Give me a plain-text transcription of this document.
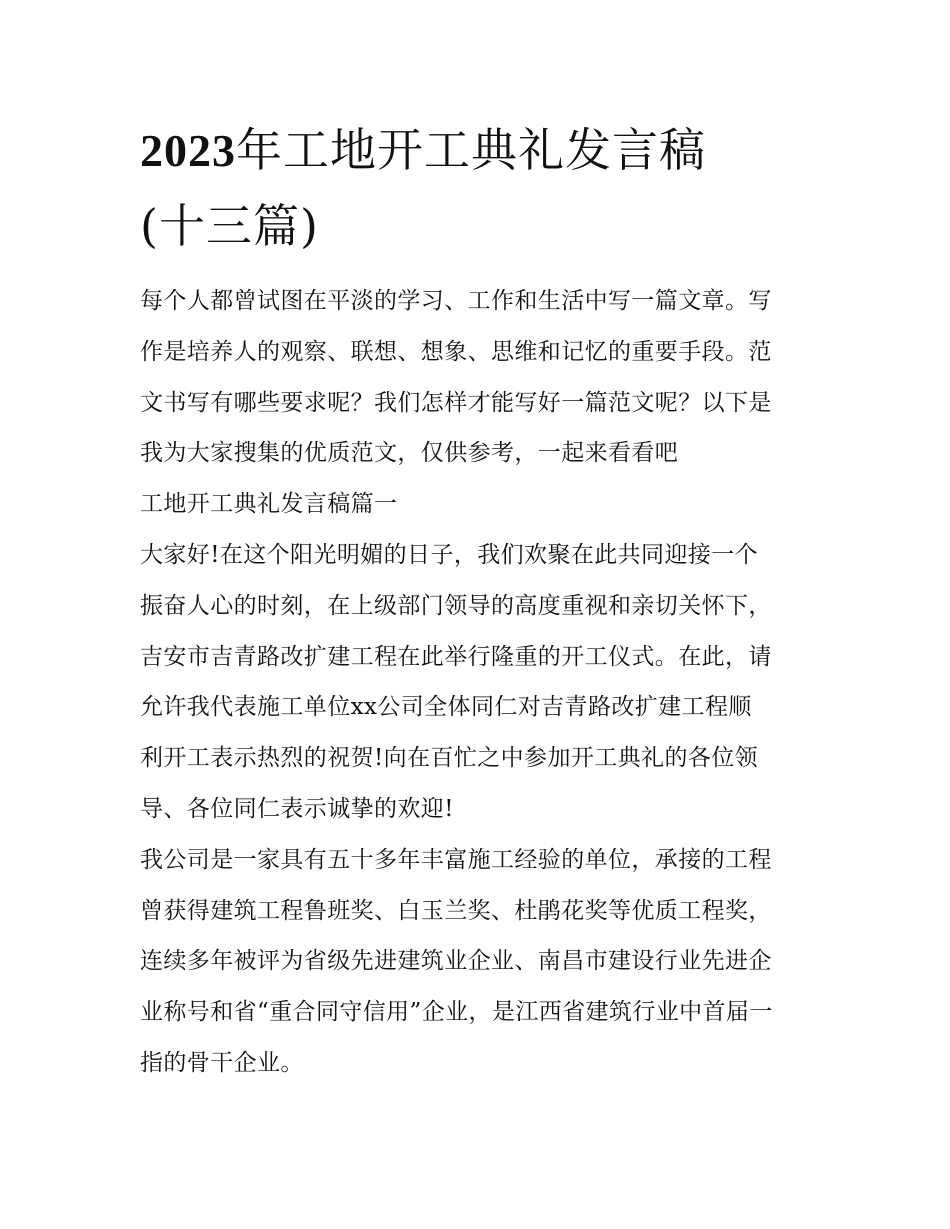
2023年工地开工典礼发言稿
(十三篇)
每个人都曾试图在平淡的学习、工作和生活中写一篇文章。写
作是培养人的观察、联想、想象、思维和记忆的重要手段。范
文书写有哪些要求呢？我们怎样才能写好一篇范文呢？以下是
我为大家搜集的优质范文，仅供参考，一起来看看吧
工地开工典礼发言稿篇一
大家好!在这个阳光明媚的日子，我们欢聚在此共同迎接一个
振奋人心的时刻，在上级部门领导的高度重视和亲切关怀下，
吉安市吉青路改扩建工程在此举行隆重的开工仪式。在此，请
允许我代表施工单位xx公司全体同仁对吉青路改扩建工程顺
利开工表示热烈的祝贺!向在百忙之中参加开工典礼的各位领
导、各位同仁表示诚挚的欢迎!
我公司是一家具有五十多年丰富施工经验的单位，承接的工程
曾获得建筑工程鲁班奖、白玉兰奖、杜鹃花奖等优质工程奖，
连续多年被评为省级先进建筑业企业、南昌市建设行业先进企
业称号和省“重合同守信用”企业，是江西省建筑行业中首届一
指的骨干企业。
